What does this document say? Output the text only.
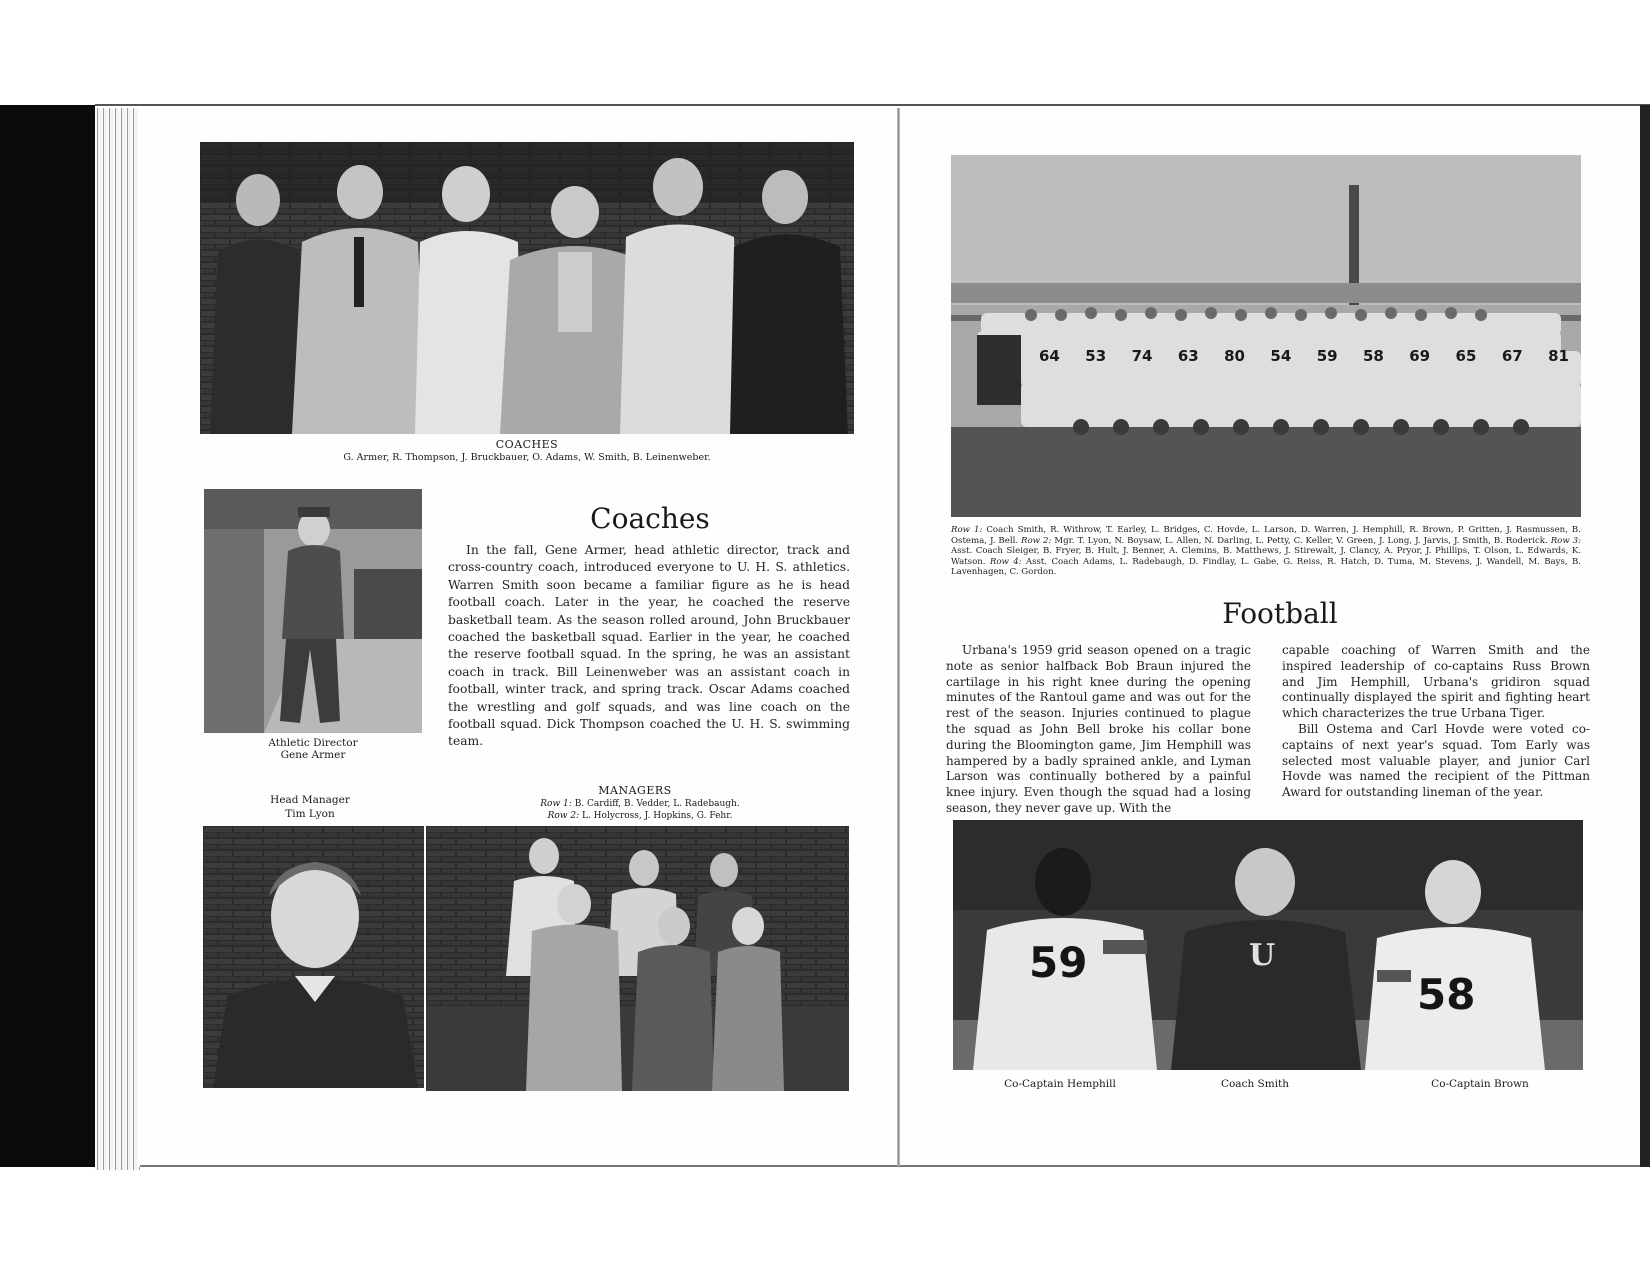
COACHES
G. Armer, R. Thompson, J. Bruckbauer, O. Adams, W. Smith, B. Leinenweber.
Athletic Director
Gene Armer
Coaches
In the fall, Gene Armer, head athletic director, track and cross-country coach, introduced everyone to U. H. S. athletics. Warren Smith soon became a familiar figure as he is head football coach. Later in the year, he coached the reserve basketball team. As the season rolled around, John Bruckbauer coached the basketball squad. Earlier in the year, he coached the reserve football squad. In the spring, he was an assistant coach in track. Bill Leinenweber was an assistant coach in football, winter track, and spring track. Oscar Adams coached the wrestling and golf squads, and was line coach on the football squad. Dick Thompson coached the U. H. S. swimming team.
Head Manager
Tim Lyon
MANAGERS
Row 1: B. Cardiff, B. Vedder, L. Radebaugh.
Row 2: L. Holycross, J. Hopkins, G. Fehr.
64 53 74 63 80 54 59 58 69 65 67 81
Row 1: Coach Smith, R. Withrow, T. Earley, L. Bridges, C. Hovde, L. Larson, D. Warren, J. Hemphill, R. Brown, P. Gritten, J. Rasmussen, B. Ostema, J. Bell. Row 2: Mgr. T. Lyon, N. Boysaw, L. Allen, N. Darling, L. Petty, C. Keller, V. Green, J. Long, J. Jarvis, J. Smith, B. Roderick. Row 3: Asst. Coach Sleiger, B. Fryer, B. Hult, J. Benner, A. Clemins, B. Matthews, J. Stirewalt, J. Clancy, A. Pryor, J. Phillips, T. Olson, L. Edwards, K. Watson. Row 4: Asst. Coach Adams, L. Radebaugh, D. Findlay, L. Gabe, G. Reiss, R. Hatch, D. Tuma, M. Stevens, J. Wandell, M. Bays, B. Lavenhagen, C. Gordon.
Football
Urbana's 1959 grid season opened on a tragic note as senior halfback Bob Braun injured the cartilage in his right knee during the opening minutes of the Rantoul game and was out for the rest of the season. Injuries continued to plague the squad as John Bell broke his collar bone during the Bloomington game, Jim Hemphill was hampered by a badly sprained ankle, and Lyman Larson was continually bothered by a painful knee injury. Even though the squad had a losing season, they never gave up. With the
capable coaching of Warren Smith and the inspired leadership of co-captains Russ Brown and Jim Hemphill, Urbana's gridiron squad continually displayed the spirit and fighting heart which characterizes the true Urbana Tiger.
Bill Ostema and Carl Hovde were voted co-captains of next year's squad. Tom Early was selected most valuable player, and junior Carl Hovde was named the recipient of the Pittman Award for outstanding lineman of the year.
59	U
58
Co-Captain Hemphill	Coach Smith	Co-Captain Brown
